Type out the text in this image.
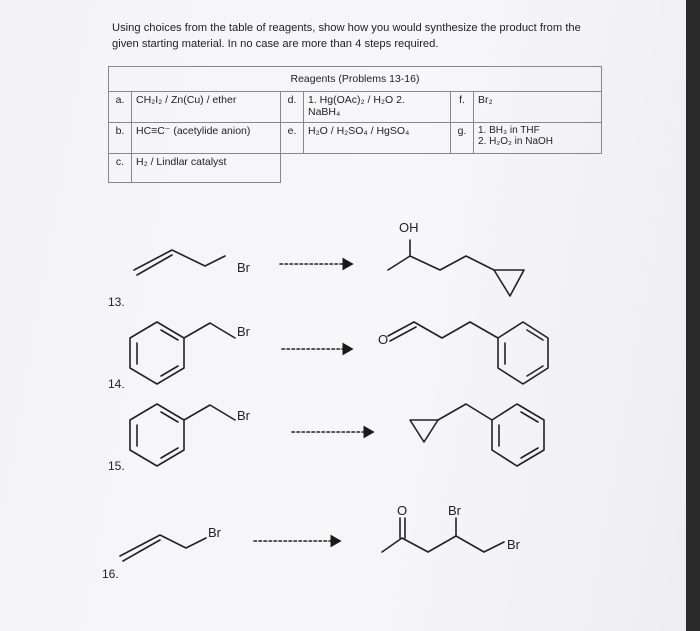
Using choices from the table of reagents, show how you would synthesize the product from the given starting material. In no case are more than 4 steps required.
Reagents (Problems 13-16)					
a.	CH₂I₂ / Zn(Cu) / ether	d.	1. Hg(OAc)₂ / H₂O 2.
NaBH₄	f.	Br₂
b.	HC≡C⁻ (acetylide anion)	e.	H₂O / H₂SO₄ / HgSO₄	g.	1. BH₃ in THF
2. H₂O₂ in NaOH
c.	H₂ / Lindlar catalyst				
13.
14.
15.
16.
Br
OH
Br
O
Br
Br
O	Br
Br
